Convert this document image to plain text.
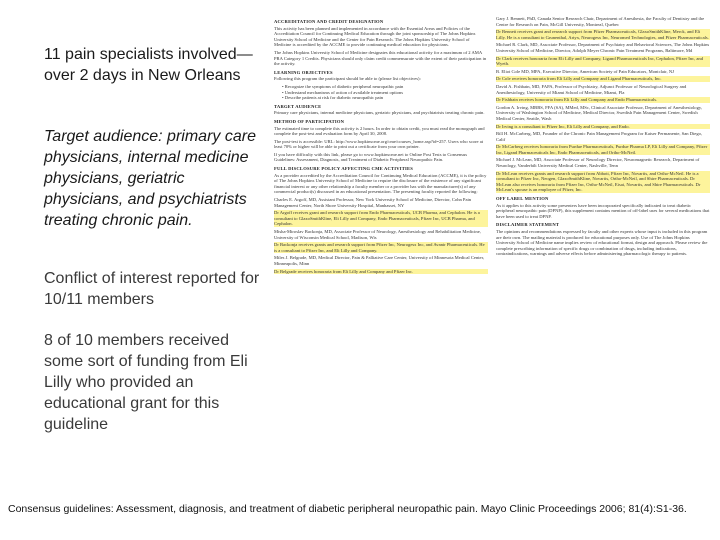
11 pain specialists involved—over 2 days in New Orleans
Target audience: primary care physicians, internal medicine physicians, geriatric physicians, and psychiatrists treating chronic pain.
Conflict of interest reported for 10/11 members
8 of 10 members received some sort of funding from Eli Lilly who provided an educational grant for this guideline
ACCREDITATION AND CREDIT DESIGNATION
This activity has been planned and implemented in accordance with the Essential Areas and Policies of the Accreditation Council for Continuing Medical Education through the joint sponsorship of The Johns Hopkins University School of Medicine and the Center for Pain Research. The Johns Hopkins University School of Medicine is accredited by the ACCME to provide continuing medical education for physicians.
The Johns Hopkins University School of Medicine designates this educational activity for a maximum of 2 AMA PRA Category 1 Credits. Physicians should only claim credit commensurate with the extent of their participation in the activity.
LEARNING OBJECTIVES
Following this program the participant should be able to (please list objectives):
• Recognize the symptoms of diabetic peripheral neuropathic pain
• Understand mechanisms of action of available treatment options
• Describe patients at risk for diabetic neuropathic pain
TARGET AUDIENCE
Primary care physicians, internal medicine physicians, geriatric physicians, and psychiatrists treating chronic pain.
METHOD OF PARTICIPATION
The estimated time to complete this activity is 2 hours. In order to obtain credit, you must read the monograph and complete the post-test and evaluation form by April 30, 2008.
The post-test is accessible: URL: http://www.hopkinscme.org/cme/courses_home.asp?id=257. Users who score at least 70% or higher will be able to print out a certificate from your own printer.
If you have difficulty with this link, please go to www.hopkinscme.net to Online Post Tests to Consensus Guidelines: Assessment, Diagnosis, and Treatment of Diabetic Peripheral Neuropathic Pain.
FULL DISCLOSURE POLICY AFFECTING CME ACTIVITIES
As a provider accredited by the Accreditation Council for Continuing Medical Education (ACCME), it is the policy of The Johns Hopkins University School of Medicine to require the disclosure of the existence of any significant financial interest or any other relationship a faculty member or a provider has with the manufacturer(s) of any commercial product(s) discussed in an educational presentation. The presenting faculty reported the following:
Charles E. Argoff, MD, Assistant Professor, New York University School of Medicine, Director, Cohn Pain Management Center, North Shore University Hospital, Manhasset, NY
Dr Argoff receives grant and research support from Endo Pharmaceuticals, UCB Pharma, and Cephalon. He is a consultant to GlaxoSmithKline, Eli Lilly and Company, Endo Pharmaceuticals, Pfizer Inc, UCB Pharma, and Cephalon.
Misha-Miroslav Backonja, MD, Associate Professor of Neurology, Anesthesiology and Rehabilitation Medicine, University of Wisconsin Medical School, Madison, Wis
Dr Backonja receives grants and research support from Pfizer Inc, Neurogesx Inc, and Avanir Pharmaceuticals. He is a consultant to Pfizer Inc, and Eli Lilly and Company.
Miles J. Belgrade, MD, Medical Director, Pain & Palliative Care Center, University of Minnesota Medical Center, Minneapolis, Minn
Dr Belgrade receives honoraria from Eli Lilly and Company and Pfizer Inc.
Gary J. Bennett, PhD, Canada Senior Research Chair, Department of Anesthesia, the Faculty of Dentistry and the Centre for Research on Pain, McGill University, Montreal, Quebec
Dr Bennett receives grant and research support from Pfizer Pharmaceuticals, GlaxoSmithKline, Merck, and Eli Lilly. He is a consultant to Grunenthal, Artyx, Neurogesx Inc, Neuromed Technologies, and Pfizer Pharmaceuticals.
Michael R. Clark, MD, Associate Professor, Department of Psychiatry and Behavioral Sciences, The Johns Hopkins University School of Medicine, Director, Adolph Meyer Chronic Pain Treatment Programs, Baltimore, Md
Dr Clark receives honoraria from Eli Lilly and Company, Ligand Pharmaceuticals Inc, Cephalon, Pfizer Inc, and Wyeth.
B. Eliot Cole MD, MPA, Executive Director, American Society of Pain Educators, Montclair, NJ
Dr Cole receives honoraria from Eli Lilly and Company and Ligand Pharmaceuticals, Inc.
David A. Fishbain, MD, FAPA, Professor of Psychiatry, Adjunct Professor of Neurological Surgery and Anesthesiology, University of Miami School of Medicine, Miami, Fla
Dr Fishbain receives honoraria from Eli Lilly and Company and Endo Pharmaceuticals.
Gordon A. Irving, MBBS, FFA (SA), MMed, MSc, Clinical Associate Professor, Department of Anesthesiology, University of Washington School of Medicine, Medical Director, Swedish Pain Management Center, Swedish Medical Center, Seattle, Wash
Dr Irving is a consultant to Pfizer Inc, Eli Lilly and Company, and Endo.
Bill H. McCarberg, MD, Founder of the Chronic Pain Management Program for Kaiser Permanente, San Diego, Calif
Dr McCarberg receives honoraria from Purdue Pharmaceuticals, Purdue Pharma LP, Eli Lilly and Company, Pfizer Inc, Ligand Pharmaceuticals Inc, Endo Pharmaceuticals, and Ortho-McNeil.
Michael J. McLean, MD, Associate Professor of Neurology Director, Neuromagnetic Research, Department of Neurology, Vanderbilt University Medical Center, Nashville, Tenn
Dr McLean receives grants and research support from Abbott, Pfizer Inc, Novartis, and Ortho-McNeil. He is a consultant to Pfizer Inc, Neogen, GlaxoSmithKline, Novartis, Ortho-McNeil, and Shire Pharmaceuticals. Dr McLean also receives honoraria from Pfizer Inc, Ortho-McNeil, Eisai, Novartis, and Shire Pharmaceuticals. Dr McLean's spouse is an employee of Pfizer, Inc.
OFF LABEL MENTION
As it applies to this activity some presenters have been incorporated specifically indicated to treat diabetic peripheral neuropathic pain (DPNP), this supplement contains mention of off-label uses for several medications that have been used to treat DPNP.
DISCLAIMER STATEMENT
The opinions and recommendations expressed by faculty and other experts whose input is included in this program are their own. The mailing material is produced for educational purposes only. Use of The Johns Hopkins University School of Medicine name implies review of educational format, design and approach. Please review the complete prescribing information of specific drugs or combination of drugs, including indications, contraindications, warnings and adverse effects before administering pharmacologic therapy to patients.
Consensus guidelines: Assessment, diagnosis, and treatment of diabetic peripheral neuropathic pain. Mayo Clinic Proceedings 2006; 81(4):S1-36.
